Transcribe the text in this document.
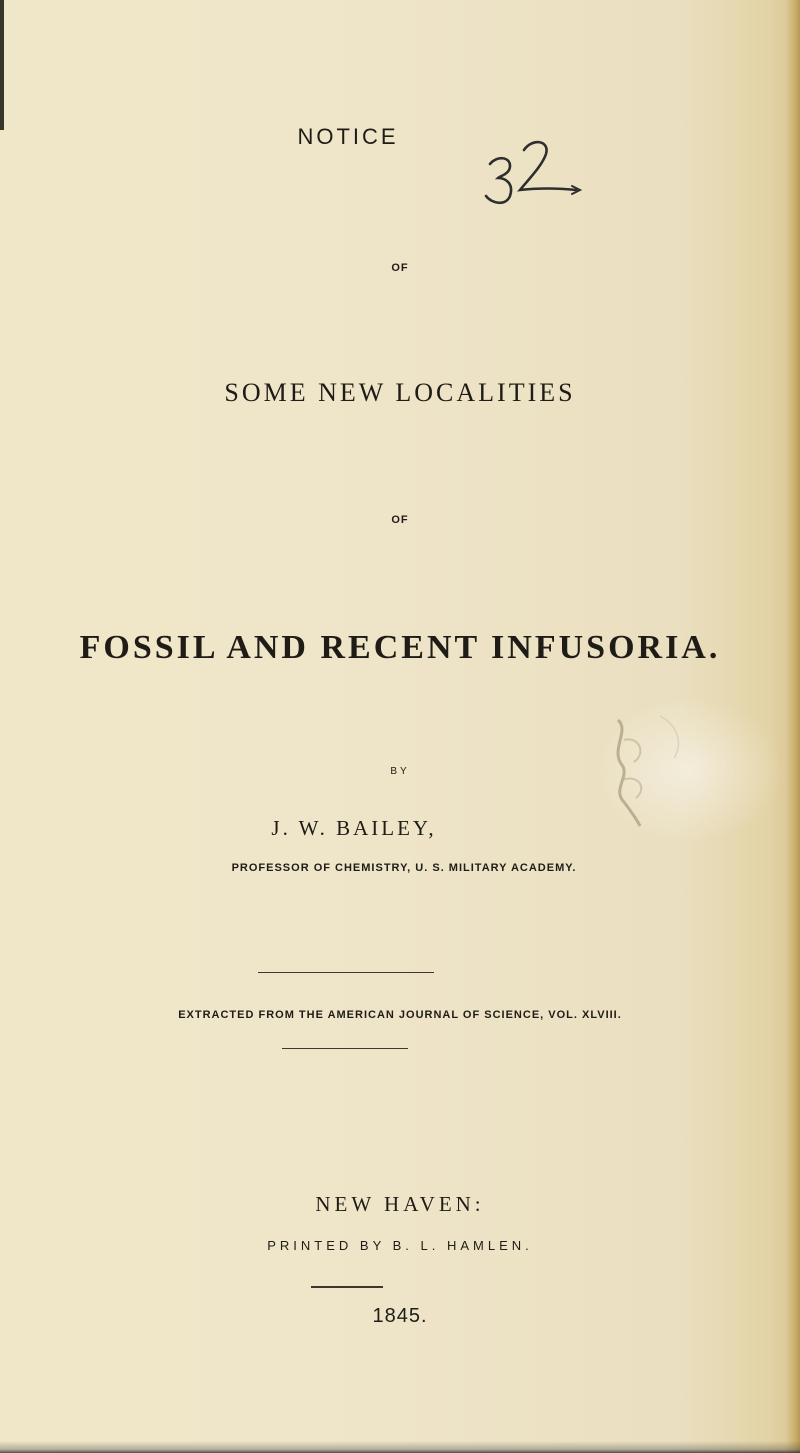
NOTICE
32
OF
SOME NEW LOCALITIES
OF
FOSSIL AND RECENT INFUSORIA.
BY
J. W. BAILEY,
PROFESSOR OF CHEMISTRY, U. S. MILITARY ACADEMY.
EXTRACTED FROM THE AMERICAN JOURNAL OF SCIENCE, VOL. XLVIII.
NEW HAVEN:
PRINTED BY B. L. HAMLEN.
1845.
